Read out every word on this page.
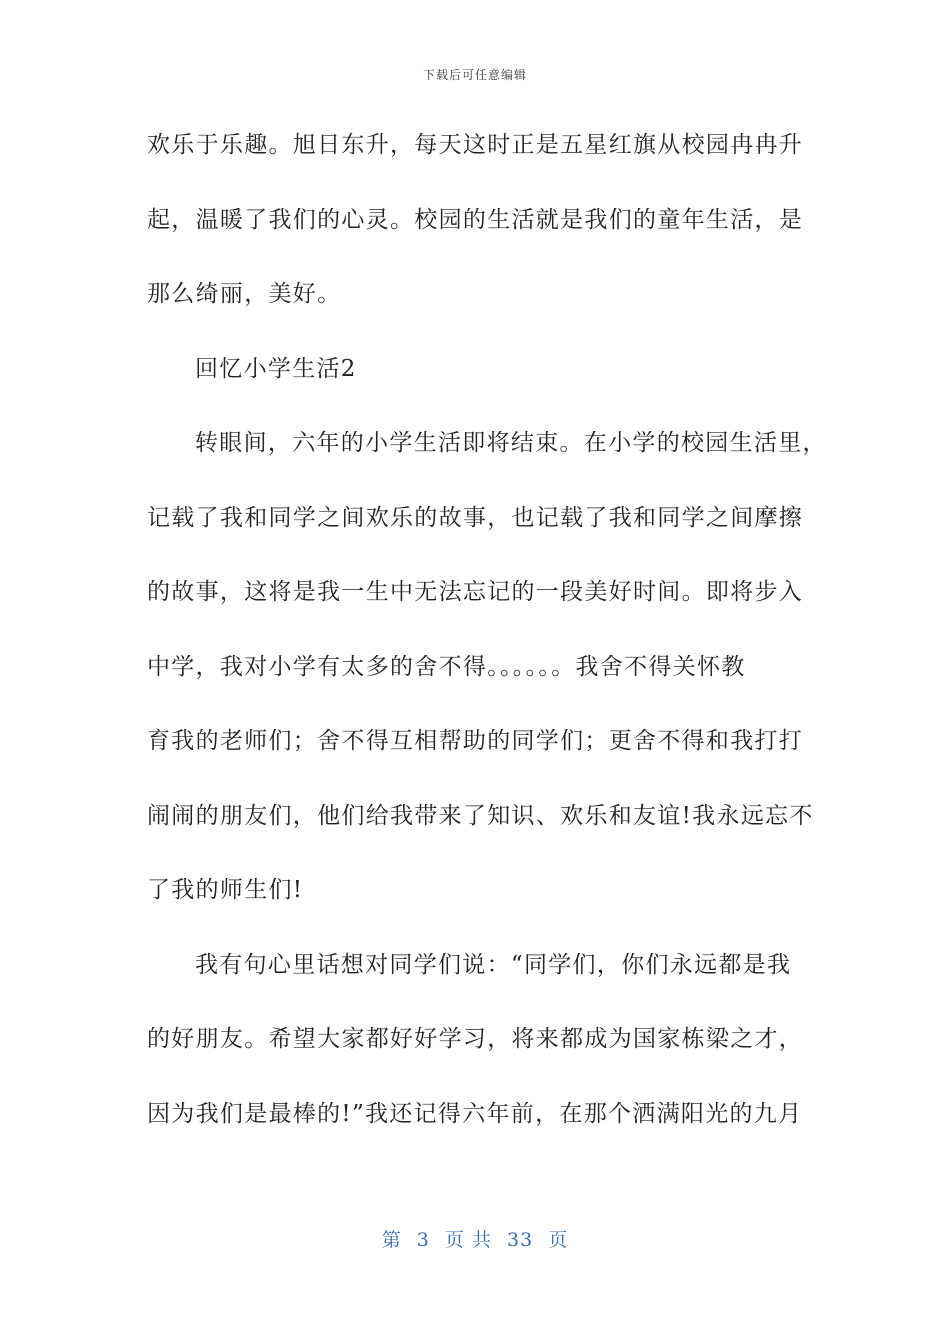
下载后可任意编辑
欢乐于乐趣。旭日东升，每天这时正是五星红旗从校园冉冉升
起，温暖了我们的心灵。校园的生活就是我们的童年生活，是
那么绮丽，美好。
回忆小学生活2
转眼间，六年的小学生活即将结束。在小学的校园生活里，
记载了我和同学之间欢乐的故事，也记载了我和同学之间摩擦
的故事，这将是我一生中无法忘记的一段美好时间。即将步入
中学，我对小学有太多的舍不得。。。。。。我舍不得关怀教
育我的老师们；舍不得互相帮助的同学们；更舍不得和我打打
闹闹的朋友们，他们给我带来了知识、欢乐和友谊!我永远忘不
了我的师生们!
我有句心里话想对同学们说：“同学们，你们永远都是我
的好朋友。希望大家都好好学习，将来都成为国家栋梁之才，
因为我们是最棒的!”我还记得六年前，在那个洒满阳光的九月
第 3 页 共 33 页
